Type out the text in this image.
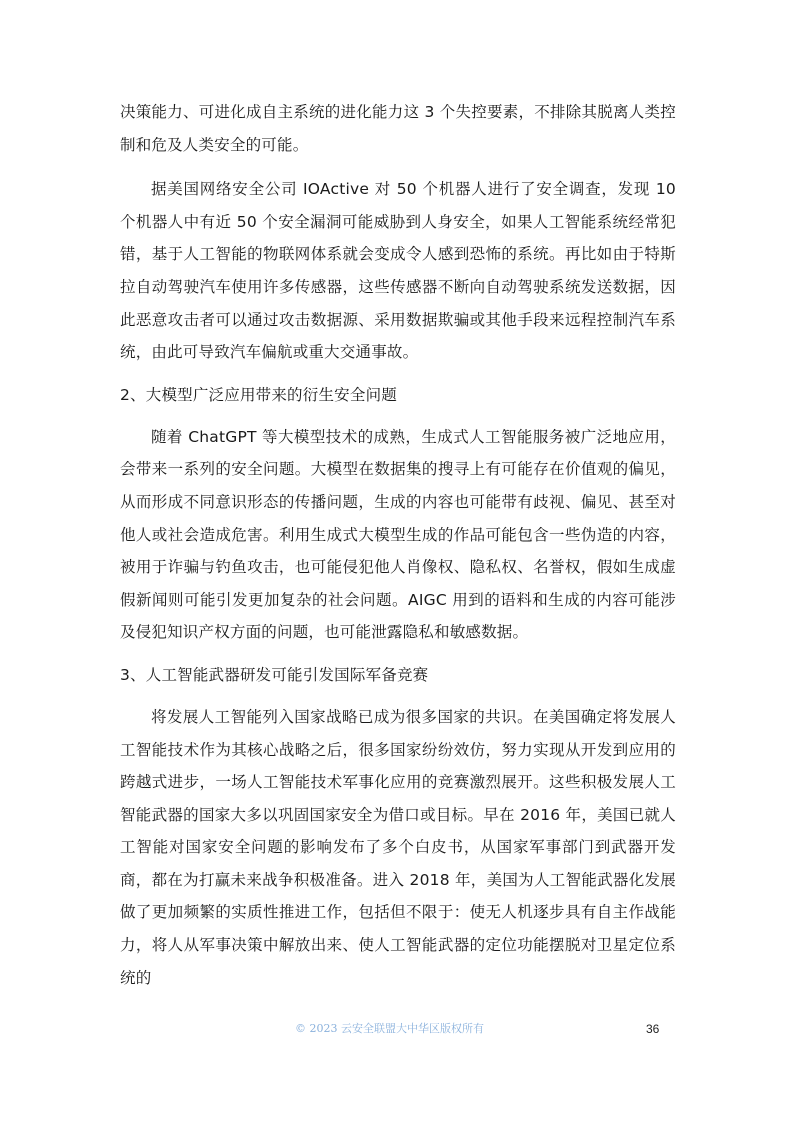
决策能力、可进化成自主系统的进化能力这 3 个失控要素，不排除其脱离人类控制和危及人类安全的可能。

据美国网络安全公司 IOActive 对 50 个机器人进行了安全调查，发现 10 个机器人中有近 50 个安全漏洞可能威胁到人身安全，如果人工智能系统经常犯错，基于人工智能的物联网体系就会变成令人感到恐怖的系统。再比如由于特斯拉自动驾驶汽车使用许多传感器，这些传感器不断向自动驾驶系统发送数据，因此恶意攻击者可以通过攻击数据源、采用数据欺骗或其他手段来远程控制汽车系统，由此可导致汽车偏航或重大交通事故。

2、大模型广泛应用带来的衍生安全问题

随着 ChatGPT 等大模型技术的成熟，生成式人工智能服务被广泛地应用，会带来一系列的安全问题。大模型在数据集的搜寻上有可能存在价值观的偏见，从而形成不同意识形态的传播问题，生成的内容也可能带有歧视、偏见、甚至对他人或社会造成危害。利用生成式大模型生成的作品可能包含一些伪造的内容，被用于诈骗与钓鱼攻击，也可能侵犯他人肖像权、隐私权、名誉权，假如生成虚假新闻则可能引发更加复杂的社会问题。AIGC 用到的语料和生成的内容可能涉及侵犯知识产权方面的问题，也可能泄露隐私和敏感数据。

3、人工智能武器研发可能引发国际军备竞赛

将发展人工智能列入国家战略已成为很多国家的共识。在美国确定将发展人工智能技术作为其核心战略之后，很多国家纷纷效仿，努力实现从开发到应用的跨越式进步，一场人工智能技术军事化应用的竞赛激烈展开。这些积极发展人工智能武器的国家大多以巩固国家安全为借口或目标。早在 2016 年，美国已就人工智能对国家安全问题的影响发布了多个白皮书，从国家军事部门到武器开发商，都在为打赢未来战争积极准备。进入 2018 年，美国为人工智能武器化发展做了更加频繁的实质性推进工作，包括但不限于：使无人机逐步具有自主作战能力，将人从军事决策中解放出来、使人工智能武器的定位功能摆脱对卫星定位系统的

© 2023 云安全联盟大中华区版权所有	36
